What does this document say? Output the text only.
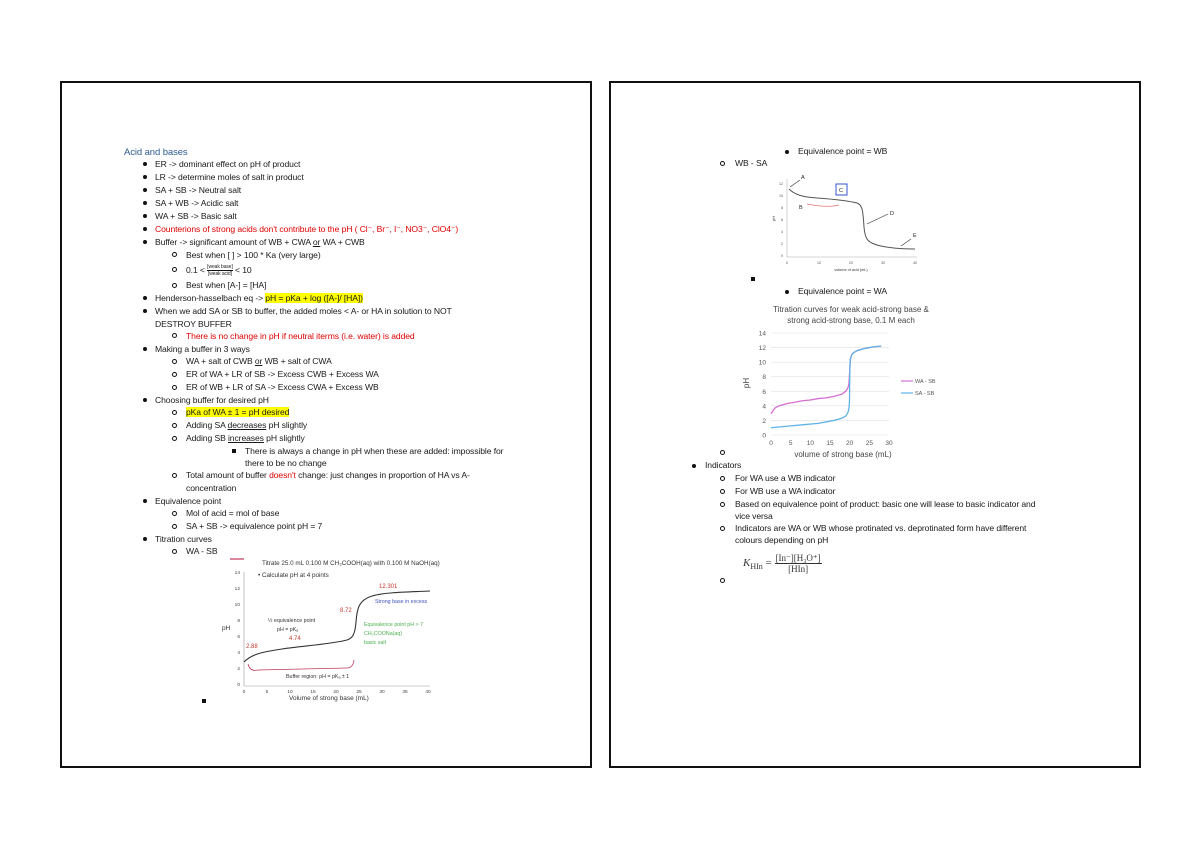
Acid and bases
ER -> dominant effect on pH of product
LR -> determine moles of salt in product
SA + SB -> Neutral salt
SA + WB -> Acidic salt
WA + SB -> Basic salt
Counterions of strong acids don't contribute to the pH ( Cl⁻, Br⁻, I⁻, NO3⁻, ClO4⁻)
Buffer -> significant amount of WB + CWA or WA + CWB
Best when [ ] > 100 * Ka (very large)
0.1 < [weak base]
[weak acid] < 10
Best when [A-] = [HA]
Henderson-hasselbach eq -> pH = pKa + log ([A-]/ [HA])
When we add SA or SB to buffer, the added moles < A- or HA in solution to NOT
DESTROY BUFFER
There is no change in pH if neutral iterms (i.e. water) is added
Making a buffer in 3 ways
WA + salt of CWB or WB + salt of CWA
ER of WA + LR of SB -> Excess CWB + Excess WA
ER of WB + LR of SA -> Excess CWA + Excess WB
Choosing buffer for desired pH
pKa of WA ± 1 = pH desired
Adding SA decreases pH slightly
Adding SB increases pH slightly
There is always a change in pH when these are added: impossible for
there to be no change
Total amount of buffer doesn't change: just changes in proportion of HA vs A-
concentration
Equivalence point
Mol of acid = mol of base
SA + SB -> equivalence point pH = 7
Titration curves
WA - SB
Titrate 25.0 mL 0.100 M CH₃COOH(aq) with 0.100 M NaOH(aq)
• Calculate pH at 4 points
pH
Volume of strong base (mL)
14
12
10
8
6
4
2
0
0	5	10	15	20	25	30	35	40
2.88
4.74
8.72
12.301
½ equivalence point
pH = pKₐ
Equivalence point pH > 7
CH₃COONa(aq)
basic salt
Strong base in excess
Buffer region: pH = pKₐ ± 1
Equivalence point = WB
WB - SA
12
10
8
6
4
2
0
0	10	20	30	40
volume of acid (mL)
pH
A
B
C
D
E
Equivalence point = WA
Titration curves for weak acid-strong base &
strong acid-strong base, 0.1 M each
0
2
4
6
8
10
12
14
0 5 10 15 20 25 30
pH
volume of strong base (mL)
WA - SB
SA - SB
Indicators
For WA use a WB indicator
For WB use a WA indicator
Based on equivalence point of product: basic one will lease to basic indicator and
vice versa
Indicators are WA or WB whose protinated vs. deprotinated form have different
colours depending on pH
$K_{HIn} = [In^-][H_3O^+]$
[HIn]
